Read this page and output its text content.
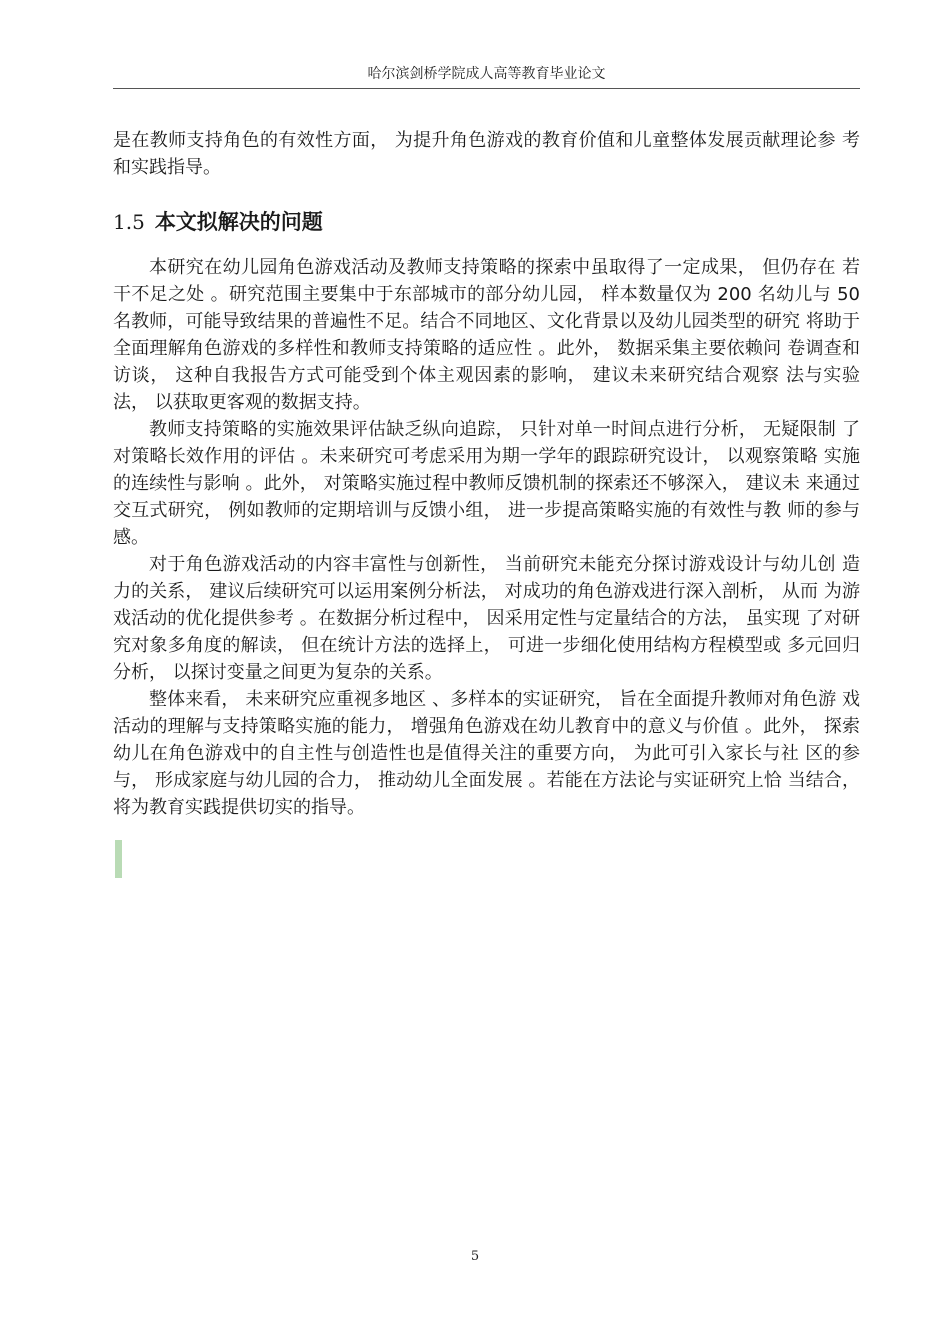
哈尔滨剑桥学院成人高等教育毕业论文

是在教师支持角色的有效性方面， 为提升角色游戏的教育价值和儿童整体发展贡献理论参 考和实践指导。

1.5 本文拟解决的问题

本研究在幼儿园角色游戏活动及教师支持策略的探索中虽取得了一定成果， 但仍存在 若干不足之处 。研究范围主要集中于东部城市的部分幼儿园， 样本数量仅为 200 名幼儿与 50 名教师，可能导致结果的普遍性不足。结合不同地区、文化背景以及幼儿园类型的研究 将助于全面理解角色游戏的多样性和教师支持策略的适应性 。此外， 数据采集主要依赖问 卷调查和访谈， 这种自我报告方式可能受到个体主观因素的影响， 建议未来研究结合观察 法与实验法， 以获取更客观的数据支持。

教师支持策略的实施效果评估缺乏纵向追踪， 只针对单一时间点进行分析， 无疑限制 了对策略长效作用的评估 。未来研究可考虑采用为期一学年的跟踪研究设计， 以观察策略 实施的连续性与影响 。此外， 对策略实施过程中教师反馈机制的探索还不够深入， 建议未 来通过交互式研究， 例如教师的定期培训与反馈小组， 进一步提高策略实施的有效性与教 师的参与感。

对于角色游戏活动的内容丰富性与创新性， 当前研究未能充分探讨游戏设计与幼儿创 造力的关系， 建议后续研究可以运用案例分析法， 对成功的角色游戏进行深入剖析， 从而 为游戏活动的优化提供参考 。在数据分析过程中， 因采用定性与定量结合的方法， 虽实现 了对研究对象多角度的解读， 但在统计方法的选择上， 可进一步细化使用结构方程模型或 多元回归分析， 以探讨变量之间更为复杂的关系。

整体来看， 未来研究应重视多地区 、多样本的实证研究， 旨在全面提升教师对角色游 戏活动的理解与支持策略实施的能力， 增强角色游戏在幼儿教育中的意义与价值 。此外， 探索幼儿在角色游戏中的自主性与创造性也是值得关注的重要方向， 为此可引入家长与社 区的参与， 形成家庭与幼儿园的合力， 推动幼儿全面发展 。若能在方法论与实证研究上恰 当结合， 将为教育实践提供切实的指导。

5
